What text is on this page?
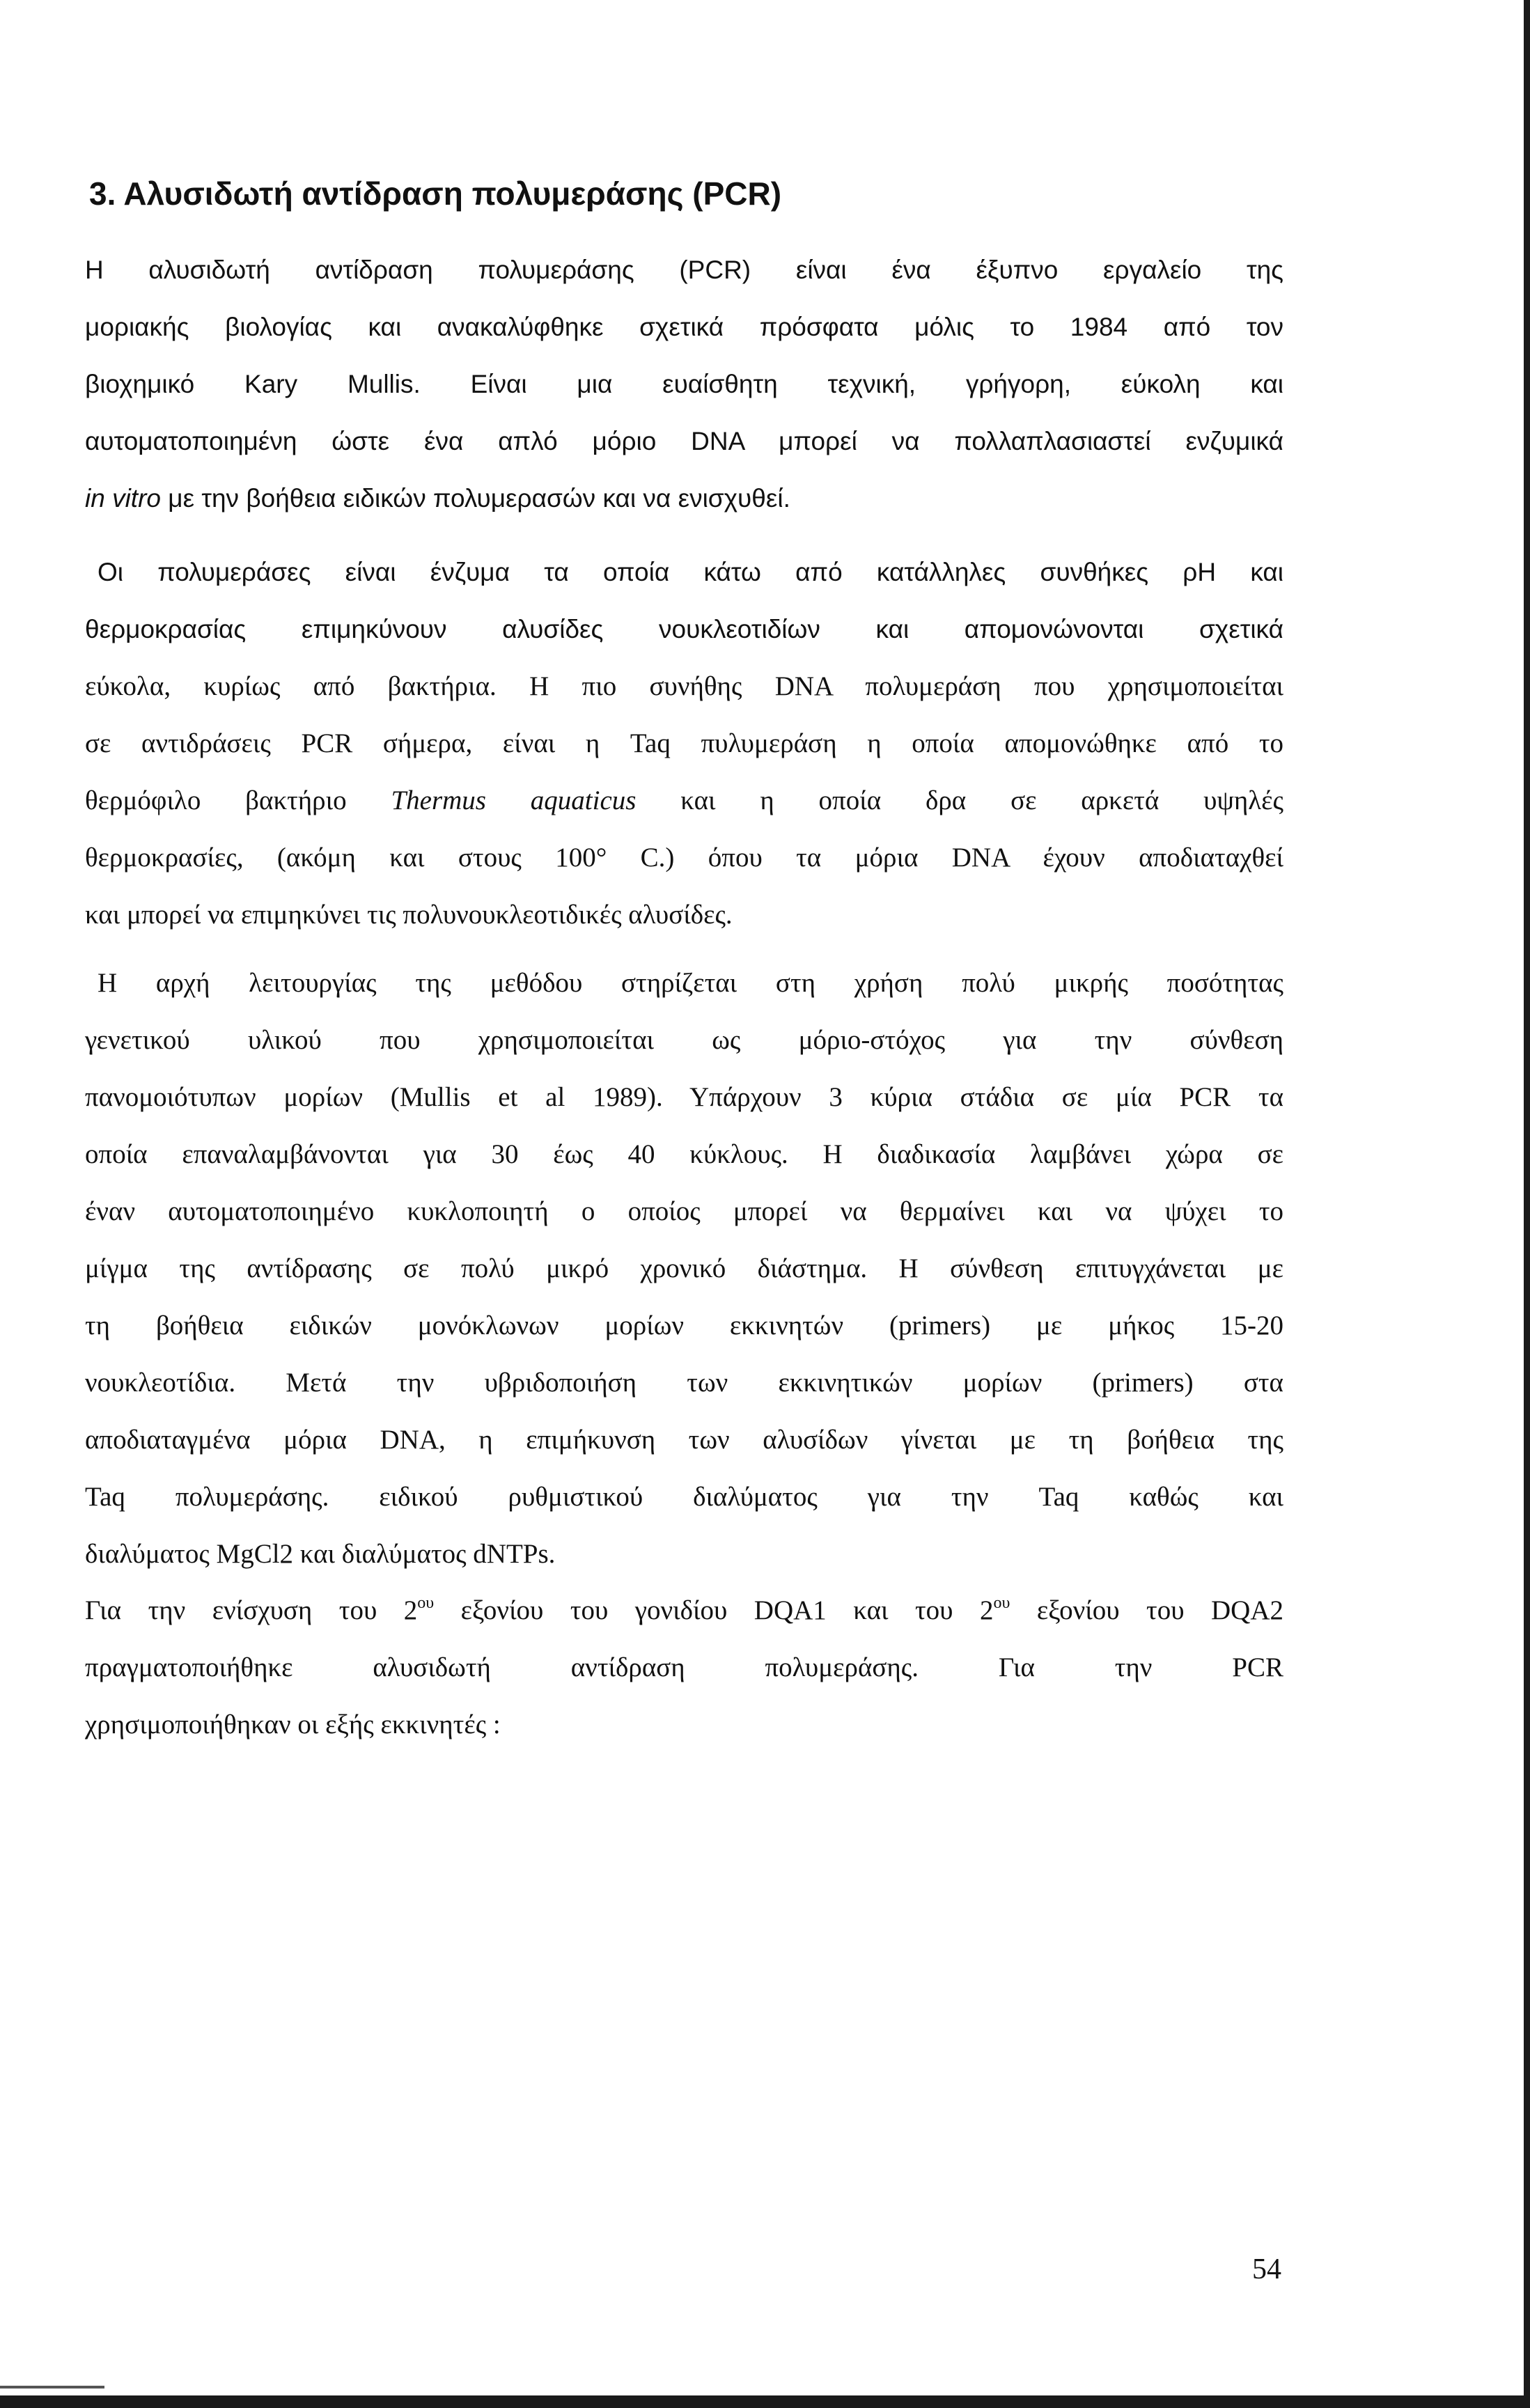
3. Αλυσιδωτή αντίδραση πολυμεράσης (PCR)

Η αλυσιδωτή αντίδραση πολυμεράσης (PCR) είναι ένα έξυπνο εργαλείο της

μοριακής βιολογίας και ανακαλύφθηκε σχετικά πρόσφατα μόλις το 1984 από τον

βιοχημικό Kary Mullis. Είναι μια ευαίσθητη τεχνική, γρήγορη, εύκολη και

αυτοματοποιημένη ώστε ένα απλό μόριο DNA μπορεί να πολλαπλασιαστεί ενζυμικά

in vitro με την βοήθεια ειδικών πολυμερασών και να ενισχυθεί.

Οι πολυμεράσες είναι ένζυμα τα οποία κάτω από κατάλληλες συνθήκες ρΗ και

θερμοκρασίας επιμηκύνουν αλυσίδες νουκλεοτιδίων και απομονώνονται σχετικά

εύκολα, κυρίως από βακτήρια. Η πιο συνήθης DNA πολυμεράση που χρησιμοποιείται

σε αντιδράσεις PCR σήμερα, είναι η Taq πυλυμεράση η οποία απομονώθηκε από το

θερμόφιλο βακτήριο Thermus aquaticus και η οποία δρα σε αρκετά υψηλές

θερμοκρασίες, (ακόμη και στους 100° C.) όπου τα μόρια DNA έχουν αποδιαταχθεί

και μπορεί να επιμηκύνει τις πολυνουκλεοτιδικές αλυσίδες.

Η αρχή λειτουργίας της μεθόδου στηρίζεται στη χρήση πολύ μικρής ποσότητας

γενετικού υλικού που χρησιμοποιείται ως μόριο-στόχος για την σύνθεση

πανομοιότυπων μορίων (Mullis et al 1989). Υπάρχουν 3 κύρια στάδια σε μία PCR τα

οποία επαναλαμβάνονται για 30 έως 40 κύκλους. Η διαδικασία λαμβάνει χώρα σε

έναν αυτοματοποιημένο κυκλοποιητή ο οποίος μπορεί να θερμαίνει και να ψύχει το

μίγμα της αντίδρασης σε πολύ μικρό χρονικό διάστημα. Η σύνθεση επιτυγχάνεται με

τη βοήθεια ειδικών μονόκλωνων μορίων εκκινητών (primers) με μήκος 15-20

νουκλεοτίδια. Μετά την υβριδοποιήση των εκκινητικών μορίων (primers) στα

αποδιαταγμένα μόρια DNA, η επιμήκυνση των αλυσίδων γίνεται με τη βοήθεια της

Taq πολυμεράσης. ειδικού ρυθμιστικού διαλύματος για την Taq καθώς και

διαλύματος MgCl2 και διαλύματος dNTPs.

Για την ενίσχυση του $2^{o\upsilon}$ εξονίου του γονιδίου DQA1 και του $2^{o\upsilon}$ εξονίου του DQA2

πραγματοποιήθηκε αλυσιδωτή αντίδραση πολυμεράσης. Για την PCR

χρησιμοποιήθηκαν οι εξής εκκινητές :

54
